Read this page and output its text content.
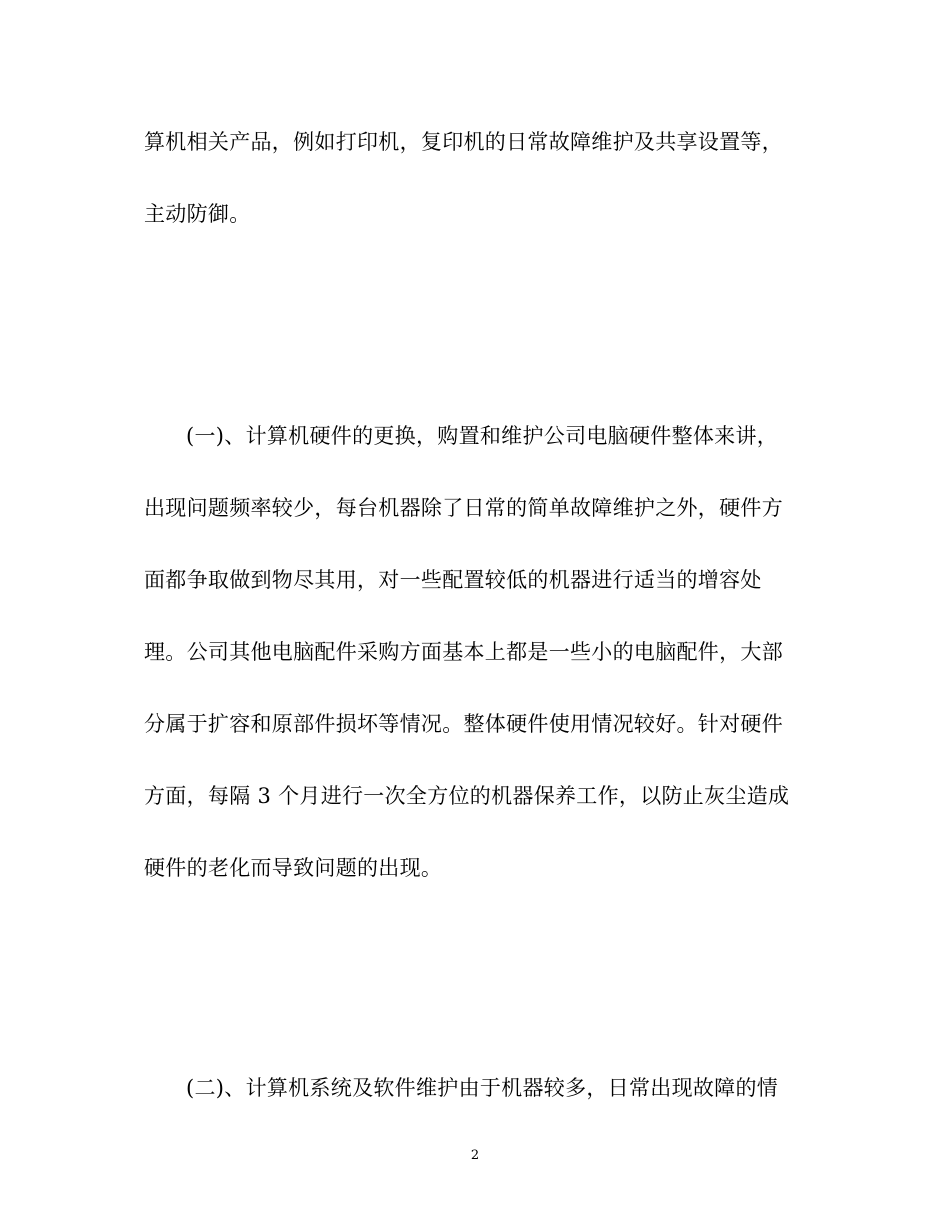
算机相关产品，例如打印机，复印机的日常故障维护及共享设置等，
主动防御。
(一)、计算机硬件的更换，购置和维护公司电脑硬件整体来讲，
出现问题频率较少，每台机器除了日常的简单故障维护之外，硬件方
面都争取做到物尽其用，对一些配置较低的机器进行适当的增容处
理。公司其他电脑配件采购方面基本上都是一些小的电脑配件，大部
分属于扩容和原部件损坏等情况。整体硬件使用情况较好。针对硬件
方面，每隔 3 个月进行一次全方位的机器保养工作，以防止灰尘造成
硬件的老化而导致问题的出现。
(二)、计算机系统及软件维护由于机器较多，日常出现故障的情
2
